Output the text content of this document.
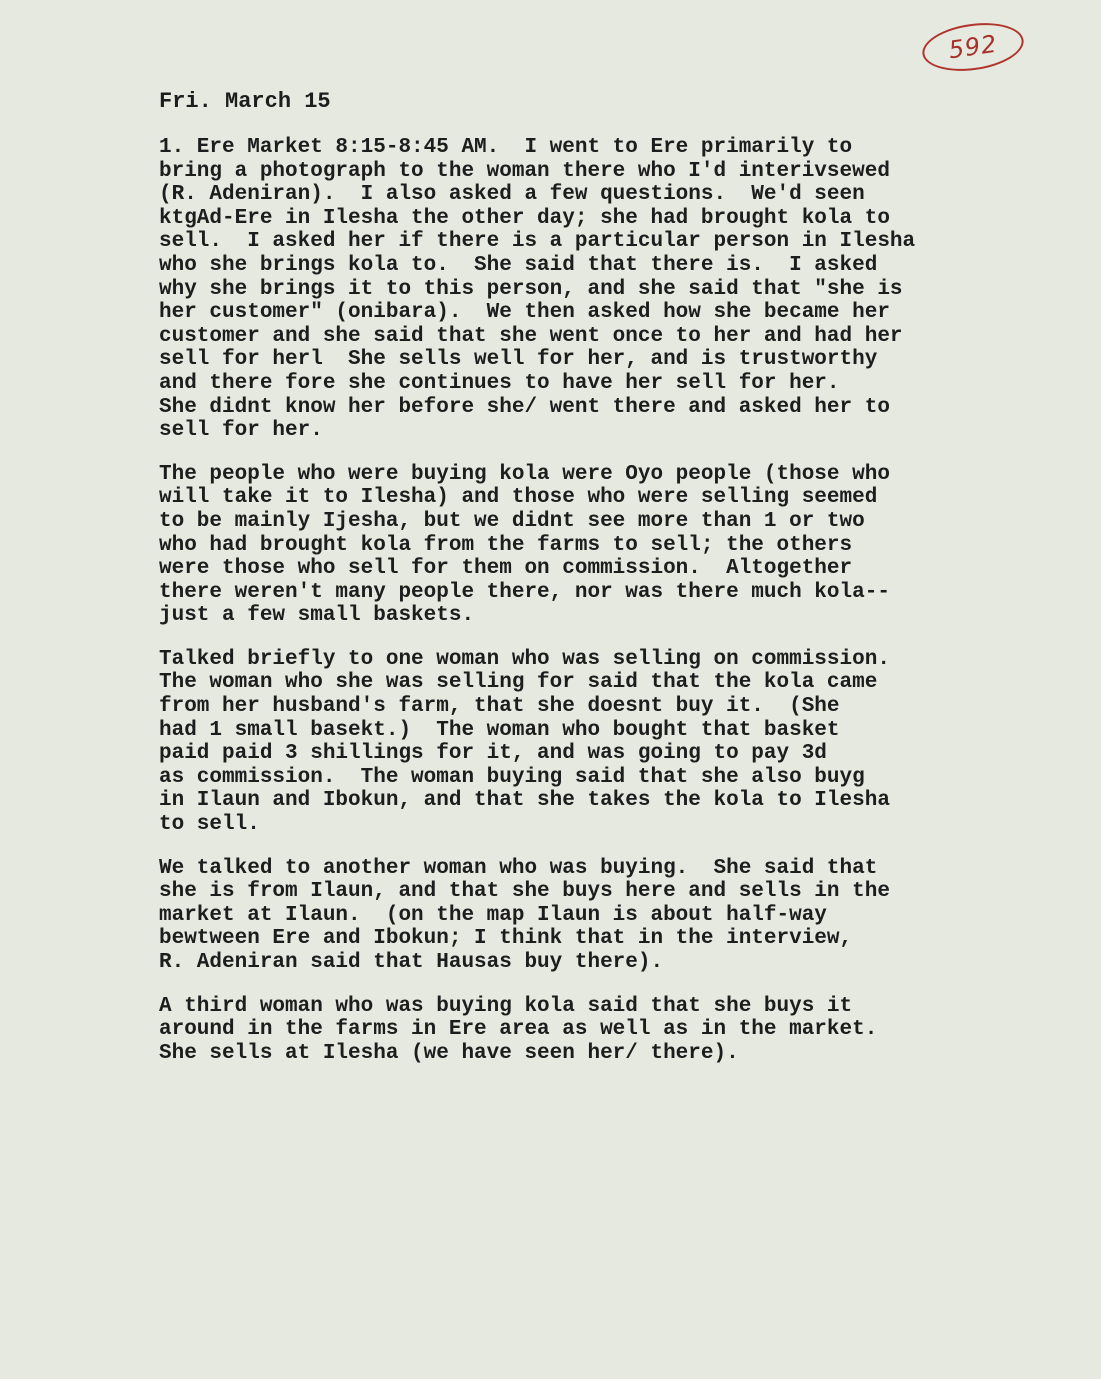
592
Fri. March 15
1. Ere Market 8:15-8:45 AM.  I went to Ere primarily to
bring a photograph to the woman there who I'd interivsewed
(R. Adeniran).  I also asked a few questions.  We'd seen
ktgAd-Ere in Ilesha the other day; she had brought kola to
sell.  I asked her if there is a particular person in Ilesha
who she brings kola to.  She said that there is.  I asked
why she brings it to this person, and she said that "she is
her customer" (onibara).  We then asked how she became her
customer and she said that she went once to her and had her
sell for herl  She sells well for her, and is trustworthy
and there fore she continues to have her sell for her.
She didnt know her before she/ went there and asked her to
sell for her.
The people who were buying kola were Oyo people (those who
will take it to Ilesha) and those who were selling seemed
to be mainly Ijesha, but we didnt see more than 1 or two
who had brought kola from the farms to sell; the others
were those who sell for them on commission.  Altogether
there weren't many people there, nor was there much kola--
just a few small baskets.
Talked briefly to one woman who was selling on commission.
The woman who she was selling for said that the kola came
from her husband's farm, that she doesnt buy it.  (She
had 1 small basekt.)  The woman who bought that basket
paid paid 3 shillings for it, and was going to pay 3d
as commission.  The woman buying said that she also buyg
in Ilaun and Ibokun, and that she takes the kola to Ilesha
to sell.
We talked to another woman who was buying.  She said that
she is from Ilaun, and that she buys here and sells in the
market at Ilaun.  (on the map Ilaun is about half-way
bewtween Ere and Ibokun; I think that in the interview,
R. Adeniran said that Hausas buy there).
A third woman who was buying kola said that she buys it
around in the farms in Ere area as well as in the market.
She sells at Ilesha (we have seen her/ there).
